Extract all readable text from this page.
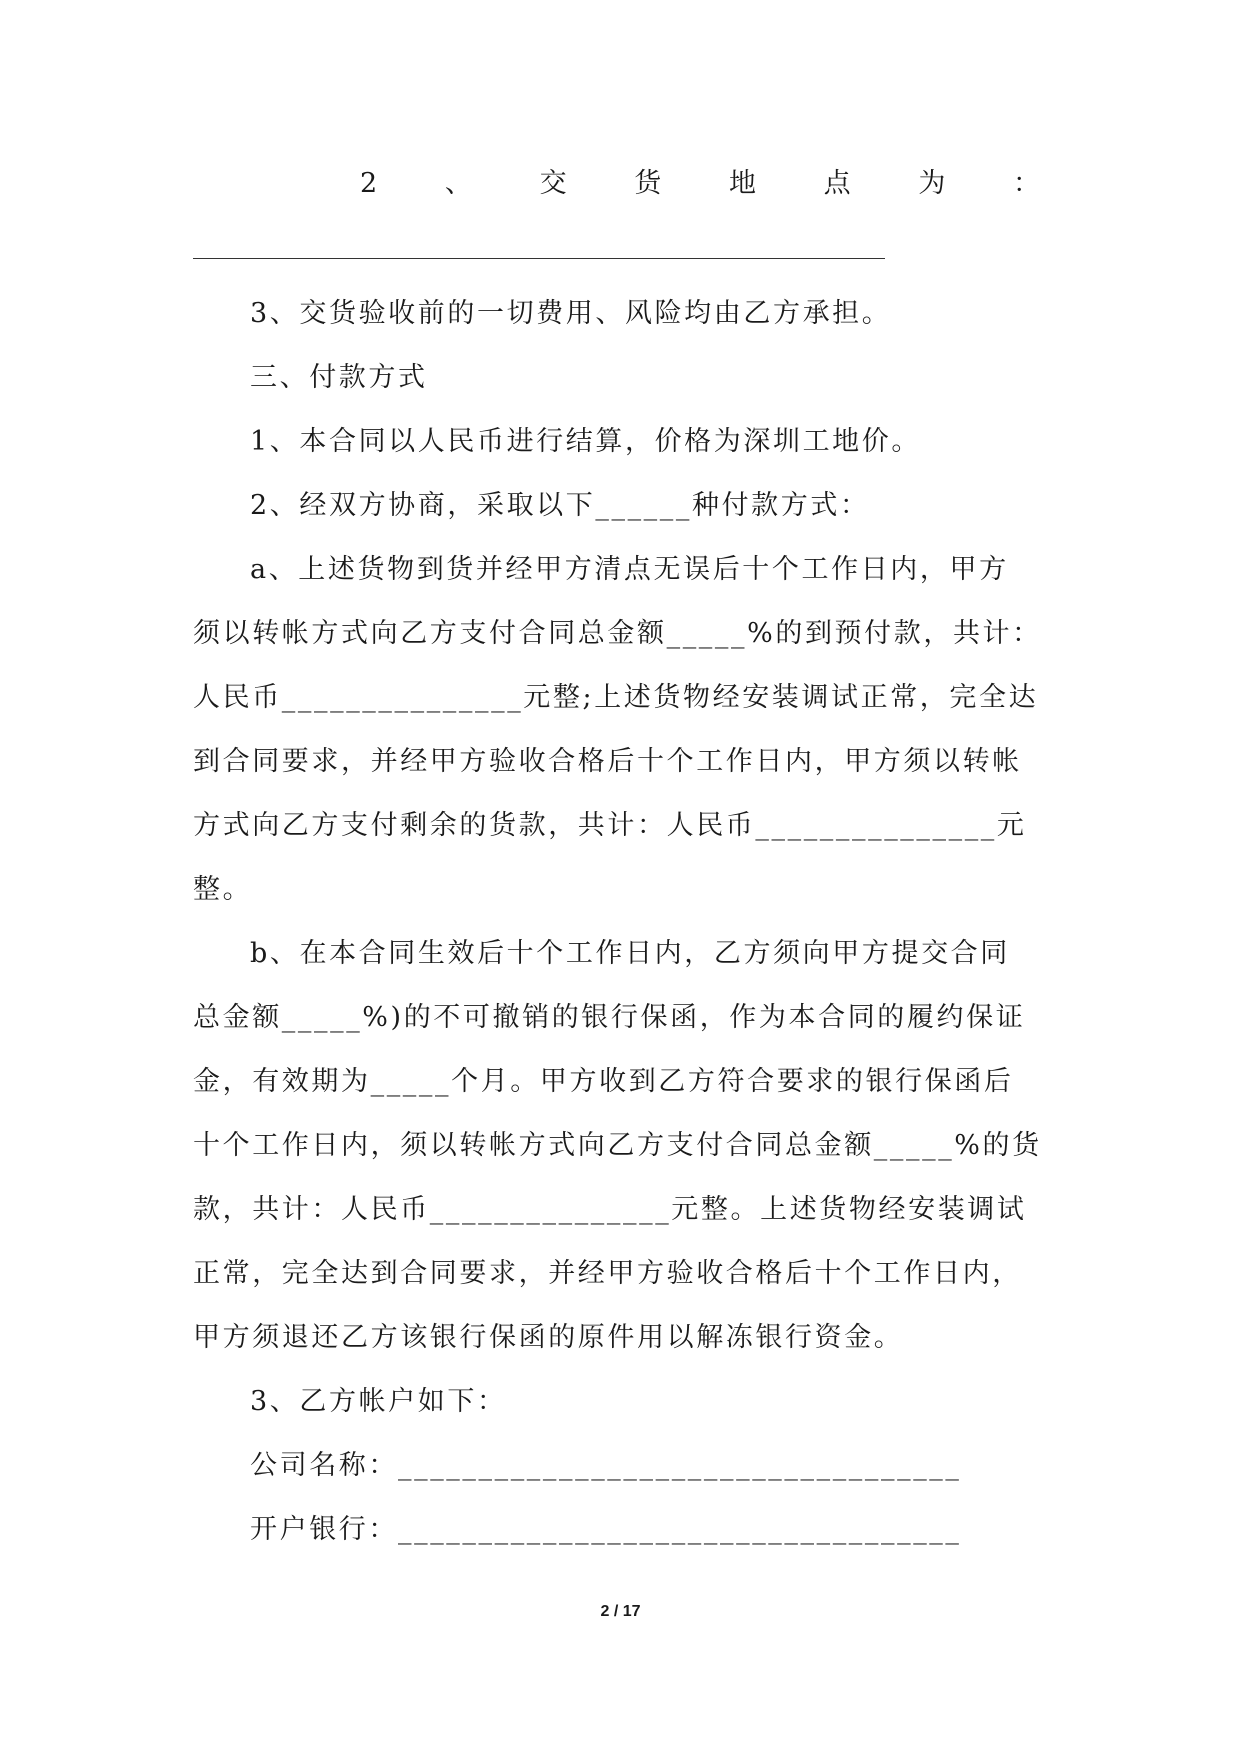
2	、	交	货	地	点	为	：
3、交货验收前的一切费用、风险均由乙方承担。
三、付款方式
1、本合同以人民币进行结算，价格为深圳工地价。
2、经双方协商，采取以下______种付款方式：
a、上述货物到货并经甲方清点无误后十个工作日内，甲方
须以转帐方式向乙方支付合同总金额_____%的到预付款，共计：
人民币_______________元整;上述货物经安装调试正常，完全达
到合同要求，并经甲方验收合格后十个工作日内，甲方须以转帐
方式向乙方支付剩余的货款，共计：人民币_______________元
整。
b、在本合同生效后十个工作日内，乙方须向甲方提交合同
总金额_____%)的不可撤销的银行保函，作为本合同的履约保证
金，有效期为_____个月。甲方收到乙方符合要求的银行保函后
十个工作日内，须以转帐方式向乙方支付合同总金额_____%的货
款，共计：人民币_______________元整。上述货物经安装调试
正常，完全达到合同要求，并经甲方验收合格后十个工作日内，
甲方须退还乙方该银行保函的原件用以解冻银行资金。
3、乙方帐户如下：
公司名称：___________________________________
开户银行：___________________________________
2 / 17
